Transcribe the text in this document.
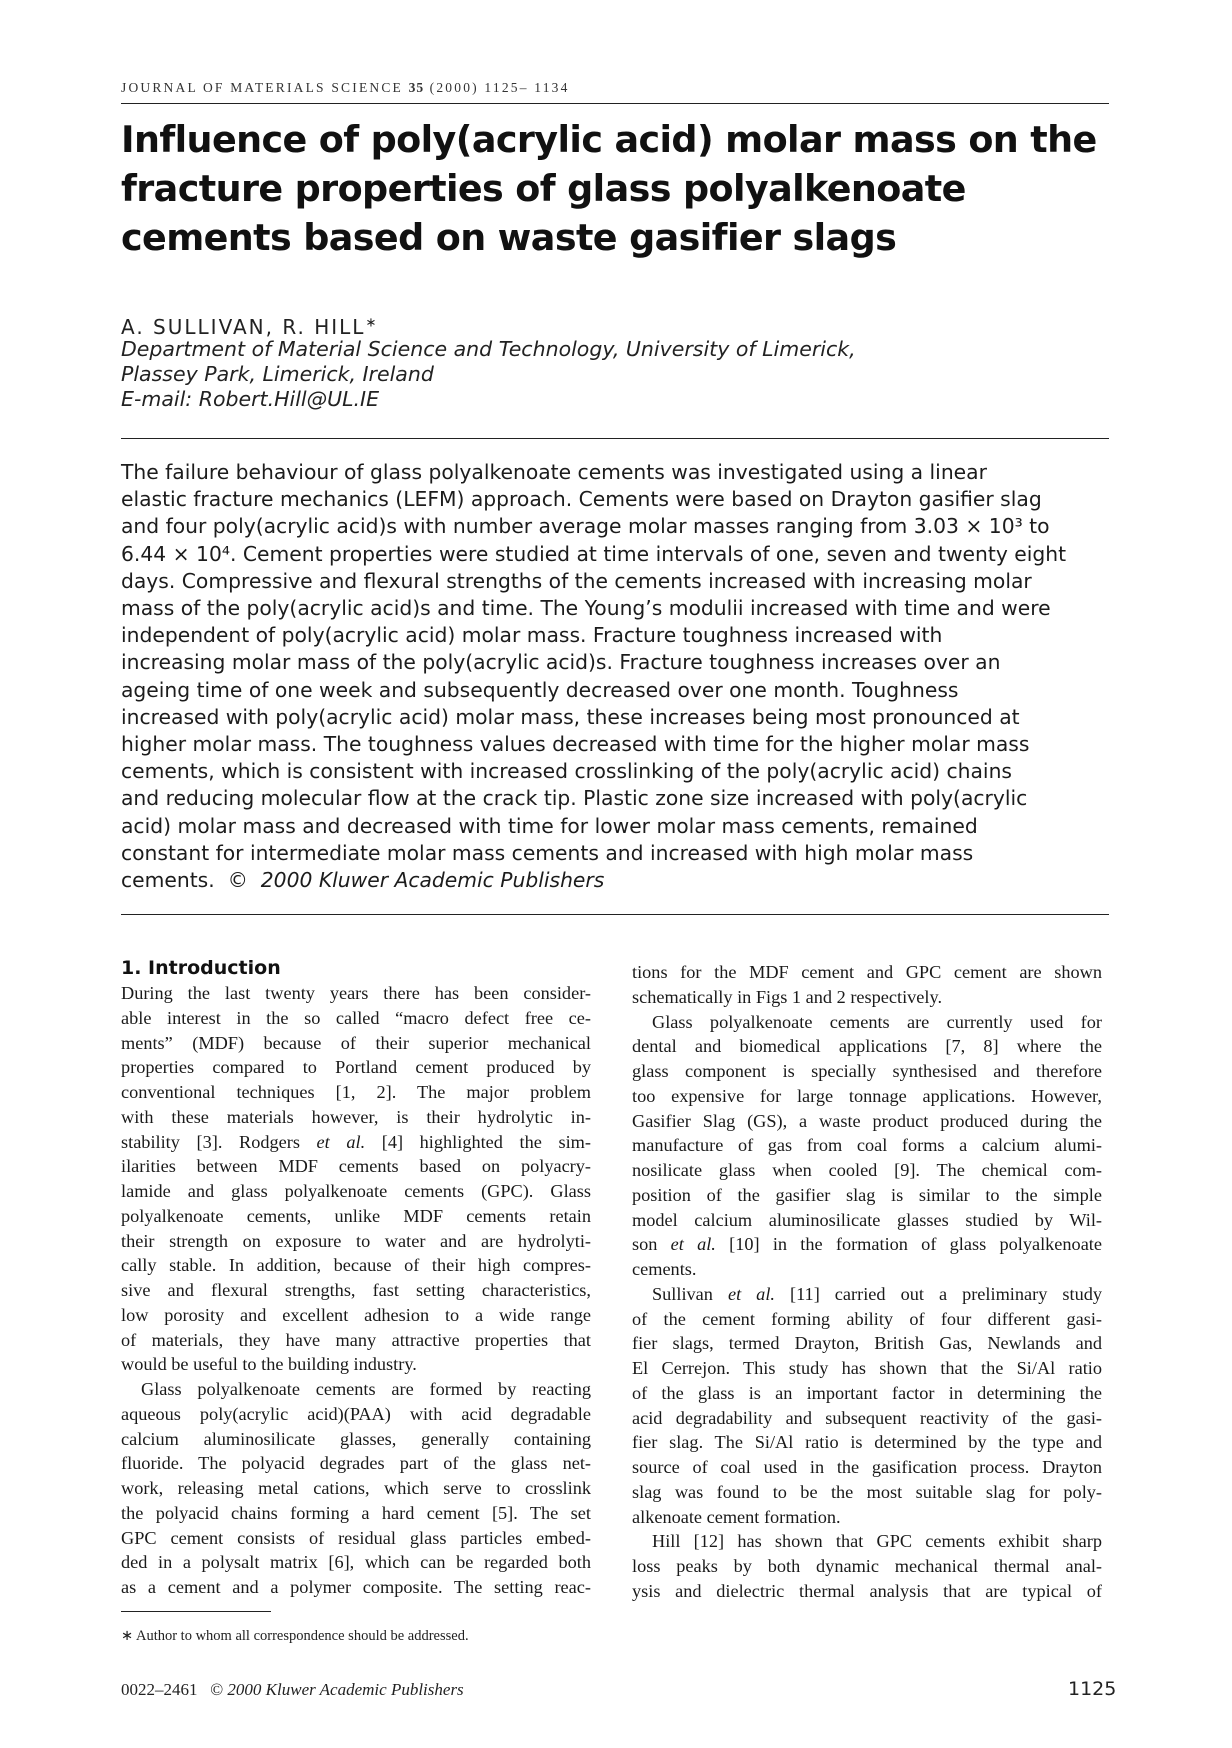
JOURNAL OF MATERIALS SCIENCE 35 (2000) 1125– 1134
Influence of poly(acrylic acid) molar mass on the
fracture properties of glass polyalkenoate
cements based on waste gasifier slags
A. SULLIVAN, R. HILL∗
Department of Material Science and Technology, University of Limerick,
Plassey Park, Limerick, Ireland
E-mail: Robert.Hill@UL.IE
The failure behaviour of glass polyalkenoate cements was investigated using a linear
elastic fracture mechanics (LEFM) approach. Cements were based on Drayton gasifier slag
and four poly(acrylic acid)s with number average molar masses ranging from 3.03 × 10³ to
6.44 × 10⁴. Cement properties were studied at time intervals of one, seven and twenty eight
days. Compressive and flexural strengths of the cements increased with increasing molar
mass of the poly(acrylic acid)s and time. The Young’s modulii increased with time and were
independent of poly(acrylic acid) molar mass. Fracture toughness increased with
increasing molar mass of the poly(acrylic acid)s. Fracture toughness increases over an
ageing time of one week and subsequently decreased over one month. Toughness
increased with poly(acrylic acid) molar mass, these increases being most pronounced at
higher molar mass. The toughness values decreased with time for the higher molar mass
cements, which is consistent with increased crosslinking of the poly(acrylic acid) chains
and reducing molecular flow at the crack tip. Plastic zone size increased with poly(acrylic
acid) molar mass and decreased with time for lower molar mass cements, remained
constant for intermediate molar mass cements and increased with high molar mass
cements. © 2000 Kluwer Academic Publishers
1. Introduction
During the last twenty years there has been consider-
able interest in the so called “macro defect free ce-
ments” (MDF) because of their superior mechanical
properties compared to Portland cement produced by
conventional techniques [1, 2]. The major problem
with these materials however, is their hydrolytic in-
stability [3]. Rodgers et al. [4] highlighted the sim-
ilarities between MDF cements based on polyacry-
lamide and glass polyalkenoate cements (GPC). Glass
polyalkenoate cements, unlike MDF cements retain
their strength on exposure to water and are hydrolyti-
cally stable. In addition, because of their high compres-
sive and flexural strengths, fast setting characteristics,
low porosity and excellent adhesion to a wide range
of materials, they have many attractive properties that
would be useful to the building industry.
Glass polyalkenoate cements are formed by reacting
aqueous poly(acrylic acid)(PAA) with acid degradable
calcium aluminosilicate glasses, generally containing
fluoride. The polyacid degrades part of the glass net-
work, releasing metal cations, which serve to crosslink
the polyacid chains forming a hard cement [5]. The set
GPC cement consists of residual glass particles embed-
ded in a polysalt matrix [6], which can be regarded both
as a cement and a polymer composite. The setting reac-
tions for the MDF cement and GPC cement are shown
schematically in Figs 1 and 2 respectively.
Glass polyalkenoate cements are currently used for
dental and biomedical applications [7, 8] where the
glass component is specially synthesised and therefore
too expensive for large tonnage applications. However,
Gasifier Slag (GS), a waste product produced during the
manufacture of gas from coal forms a calcium alumi-
nosilicate glass when cooled [9]. The chemical com-
position of the gasifier slag is similar to the simple
model calcium aluminosilicate glasses studied by Wil-
son et al. [10] in the formation of glass polyalkenoate
cements.
Sullivan et al. [11] carried out a preliminary study
of the cement forming ability of four different gasi-
fier slags, termed Drayton, British Gas, Newlands and
El Cerrejon. This study has shown that the Si/Al ratio
of the glass is an important factor in determining the
acid degradability and subsequent reactivity of the gasi-
fier slag. The Si/Al ratio is determined by the type and
source of coal used in the gasification process. Drayton
slag was found to be the most suitable slag for poly-
alkenoate cement formation.
Hill [12] has shown that GPC cements exhibit sharp
loss peaks by both dynamic mechanical thermal anal-
ysis and dielectric thermal analysis that are typical of
∗ Author to whom all correspondence should be addressed.
0022–2461 © 2000 Kluwer Academic Publishers	1125
